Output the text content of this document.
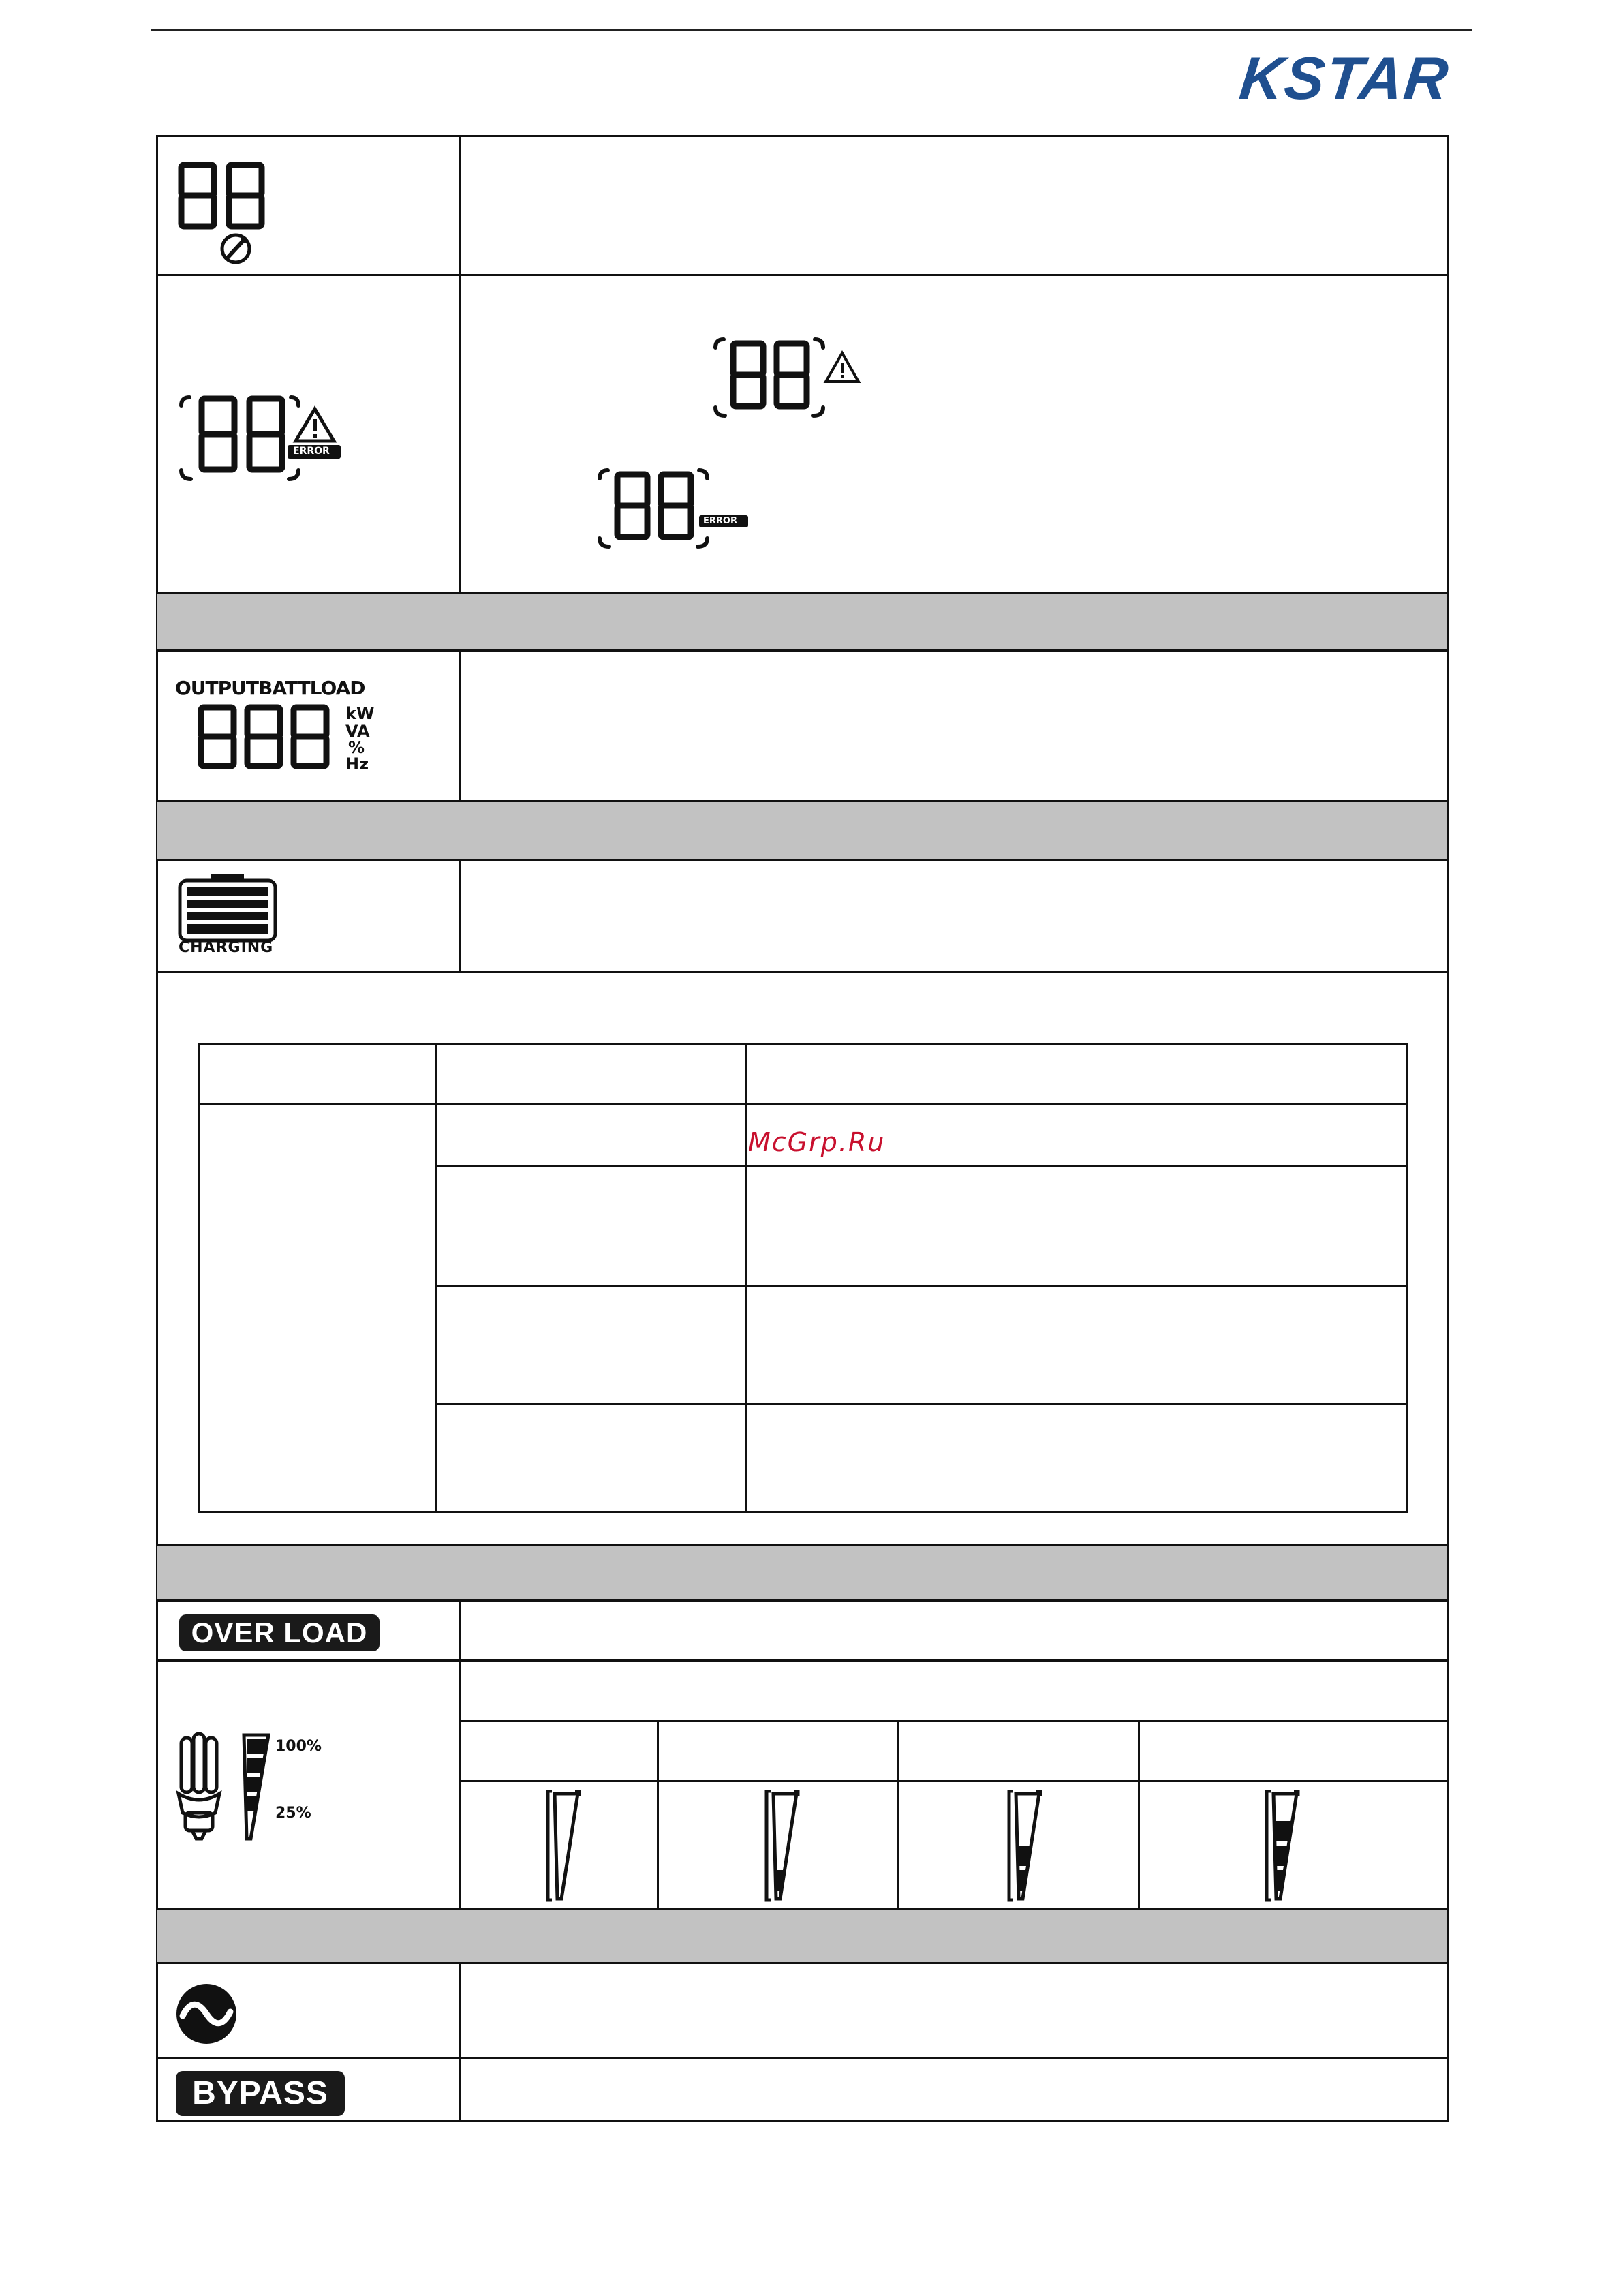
KSTAR
McGrp.Ru
ERROR
ERROR
OUTPUTBATTLOAD
kW
VA
%
Hz
CHARGING
OVER LOAD
100%
25%
BYPASS
